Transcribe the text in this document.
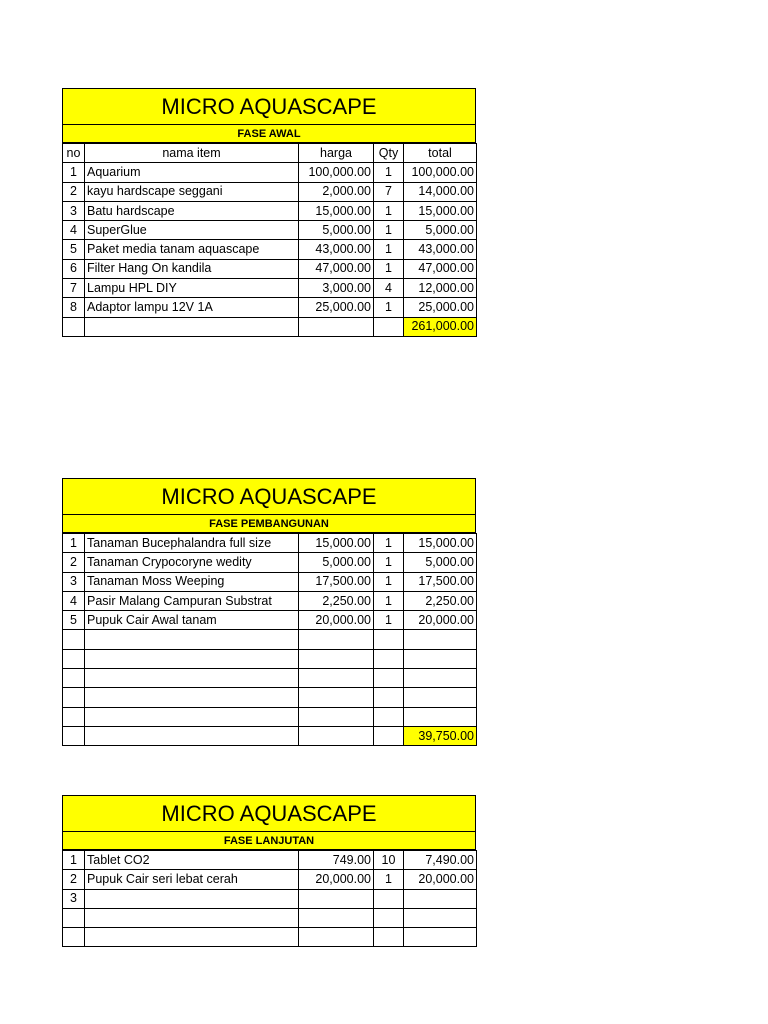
MICRO AQUASCAPE
FASE AWAL
no	nama item	harga	Qty	total
1	Aquarium	100,000.00	1	100,000.00
2	kayu hardscape seggani	2,000.00	7	14,000.00
3	Batu hardscape	15,000.00	1	15,000.00
4	SuperGlue	5,000.00	1	5,000.00
5	Paket media tanam aquascape	43,000.00	1	43,000.00
6	Filter Hang On kandila	47,000.00	1	47,000.00
7	Lampu HPL DIY	3,000.00	4	12,000.00
8	Adaptor lampu 12V 1A	25,000.00	1	25,000.00
				261,000.00
MICRO AQUASCAPE
FASE PEMBANGUNAN
1	Tanaman Bucephalandra full size	15,000.00	1	15,000.00
2	Tanaman Crypocoryne wedity	5,000.00	1	5,000.00
3	Tanaman Moss Weeping	17,500.00	1	17,500.00
4	Pasir Malang Campuran Substrat	2,250.00	1	2,250.00
5	Pupuk Cair Awal tanam	20,000.00	1	20,000.00

				39,750.00
MICRO AQUASCAPE
FASE LANJUTAN
1	Tablet CO2	749.00	10	7,490.00
2	Pupuk Cair seri lebat cerah	20,000.00	1	20,000.00
3				
